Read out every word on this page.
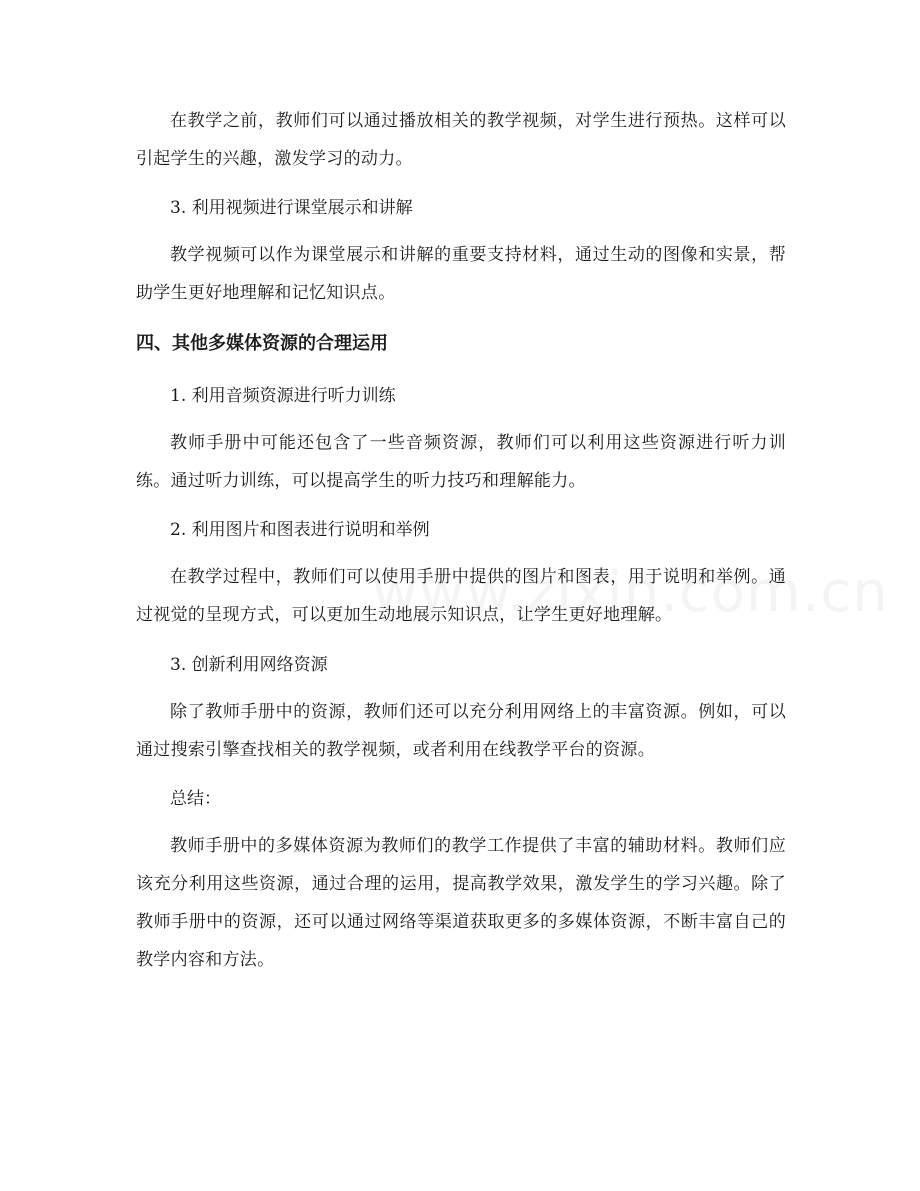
在教学之前，教师们可以通过播放相关的教学视频，对学生进行预热。这样可以引起学生的兴趣，激发学习的动力。
3. 利用视频进行课堂展示和讲解
教学视频可以作为课堂展示和讲解的重要支持材料，通过生动的图像和实景，帮助学生更好地理解和记忆知识点。
四、其他多媒体资源的合理运用
1. 利用音频资源进行听力训练
教师手册中可能还包含了一些音频资源，教师们可以利用这些资源进行听力训练。通过听力训练，可以提高学生的听力技巧和理解能力。
2. 利用图片和图表进行说明和举例
在教学过程中，教师们可以使用手册中提供的图片和图表，用于说明和举例。通过视觉的呈现方式，可以更加生动地展示知识点，让学生更好地理解。
3. 创新利用网络资源
除了教师手册中的资源，教师们还可以充分利用网络上的丰富资源。例如，可以通过搜索引擎查找相关的教学视频，或者利用在线教学平台的资源。
总结：
教师手册中的多媒体资源为教师们的教学工作提供了丰富的辅助材料。教师们应该充分利用这些资源，通过合理的运用，提高教学效果，激发学生的学习兴趣。除了教师手册中的资源，还可以通过网络等渠道获取更多的多媒体资源，不断丰富自己的教学内容和方法。
